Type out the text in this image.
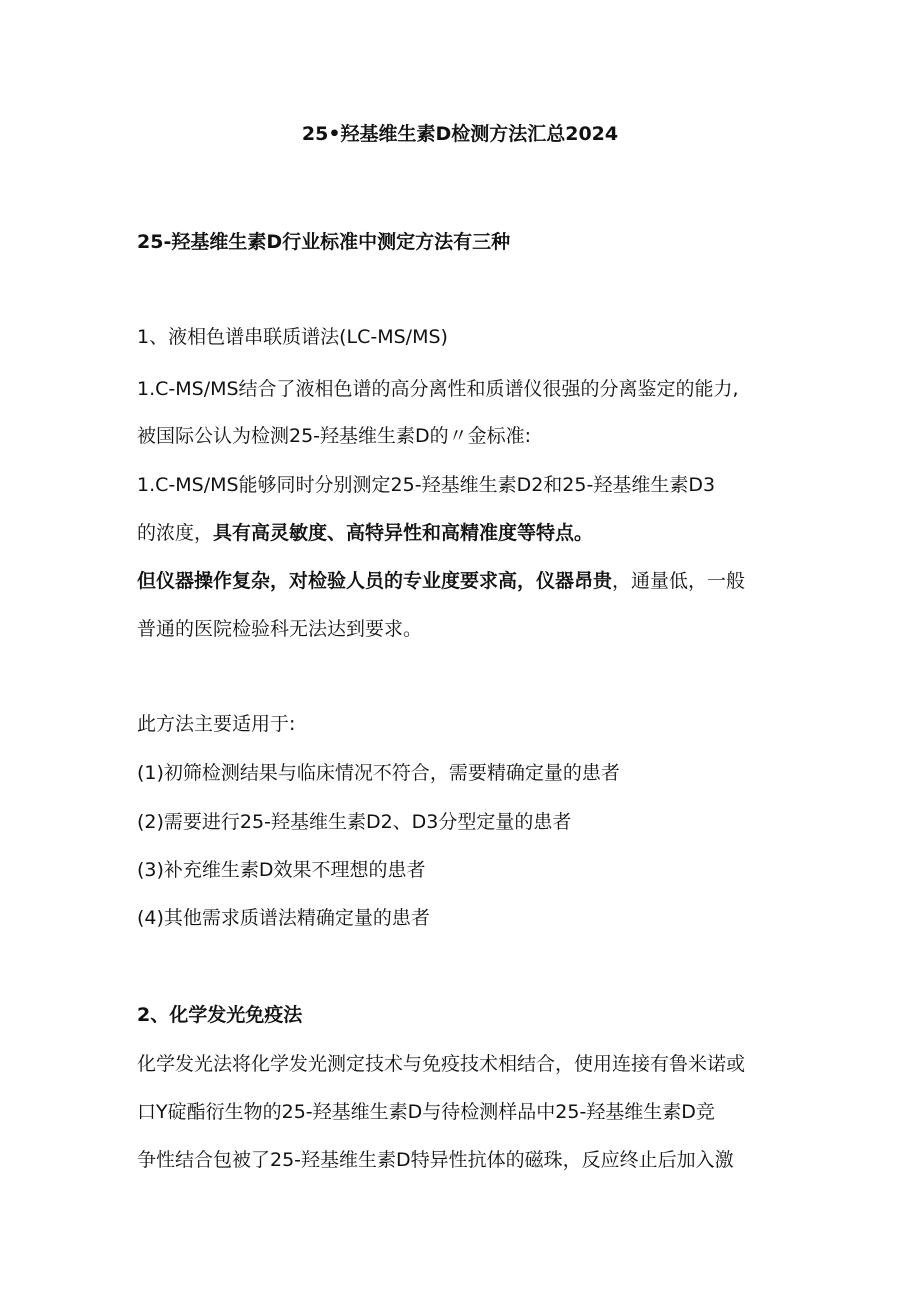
25•羟基维生素D检测方法汇总2024

25-羟基维生素D行业标准中测定方法有三种

1、液相色谱串联质谱法(LC-MS/MS)

1.C-MS/MS结合了液相色谱的高分离性和质谱仪很强的分离鉴定的能力,

被国际公认为检测25-羟基维生素D的〃金标准:

1.C-MS/MS能够同时分别测定25-羟基维生素D2和25-羟基维生素D3

的浓度，具有高灵敏度、高特异性和高精准度等特点。

但仪器操作复杂，对检验人员的专业度要求高，仪器昂贵，通量低，一般

普通的医院检验科无法达到要求。

此方法主要适用于:

(1)初筛检测结果与临床情况不符合，需要精确定量的患者

(2)需要进行25-羟基维生素D2、D3分型定量的患者

(3)补充维生素D效果不理想的患者

(4)其他需求质谱法精确定量的患者

2、化学发光免疫法

化学发光法将化学发光测定技术与免疫技术相结合，使用连接有鲁米诺或

口Y碇酯衍生物的25-羟基维生素D与待检测样品中25-羟基维生素D竞

争性结合包被了25-羟基维生素D特异性抗体的磁珠，反应终止后加入激
